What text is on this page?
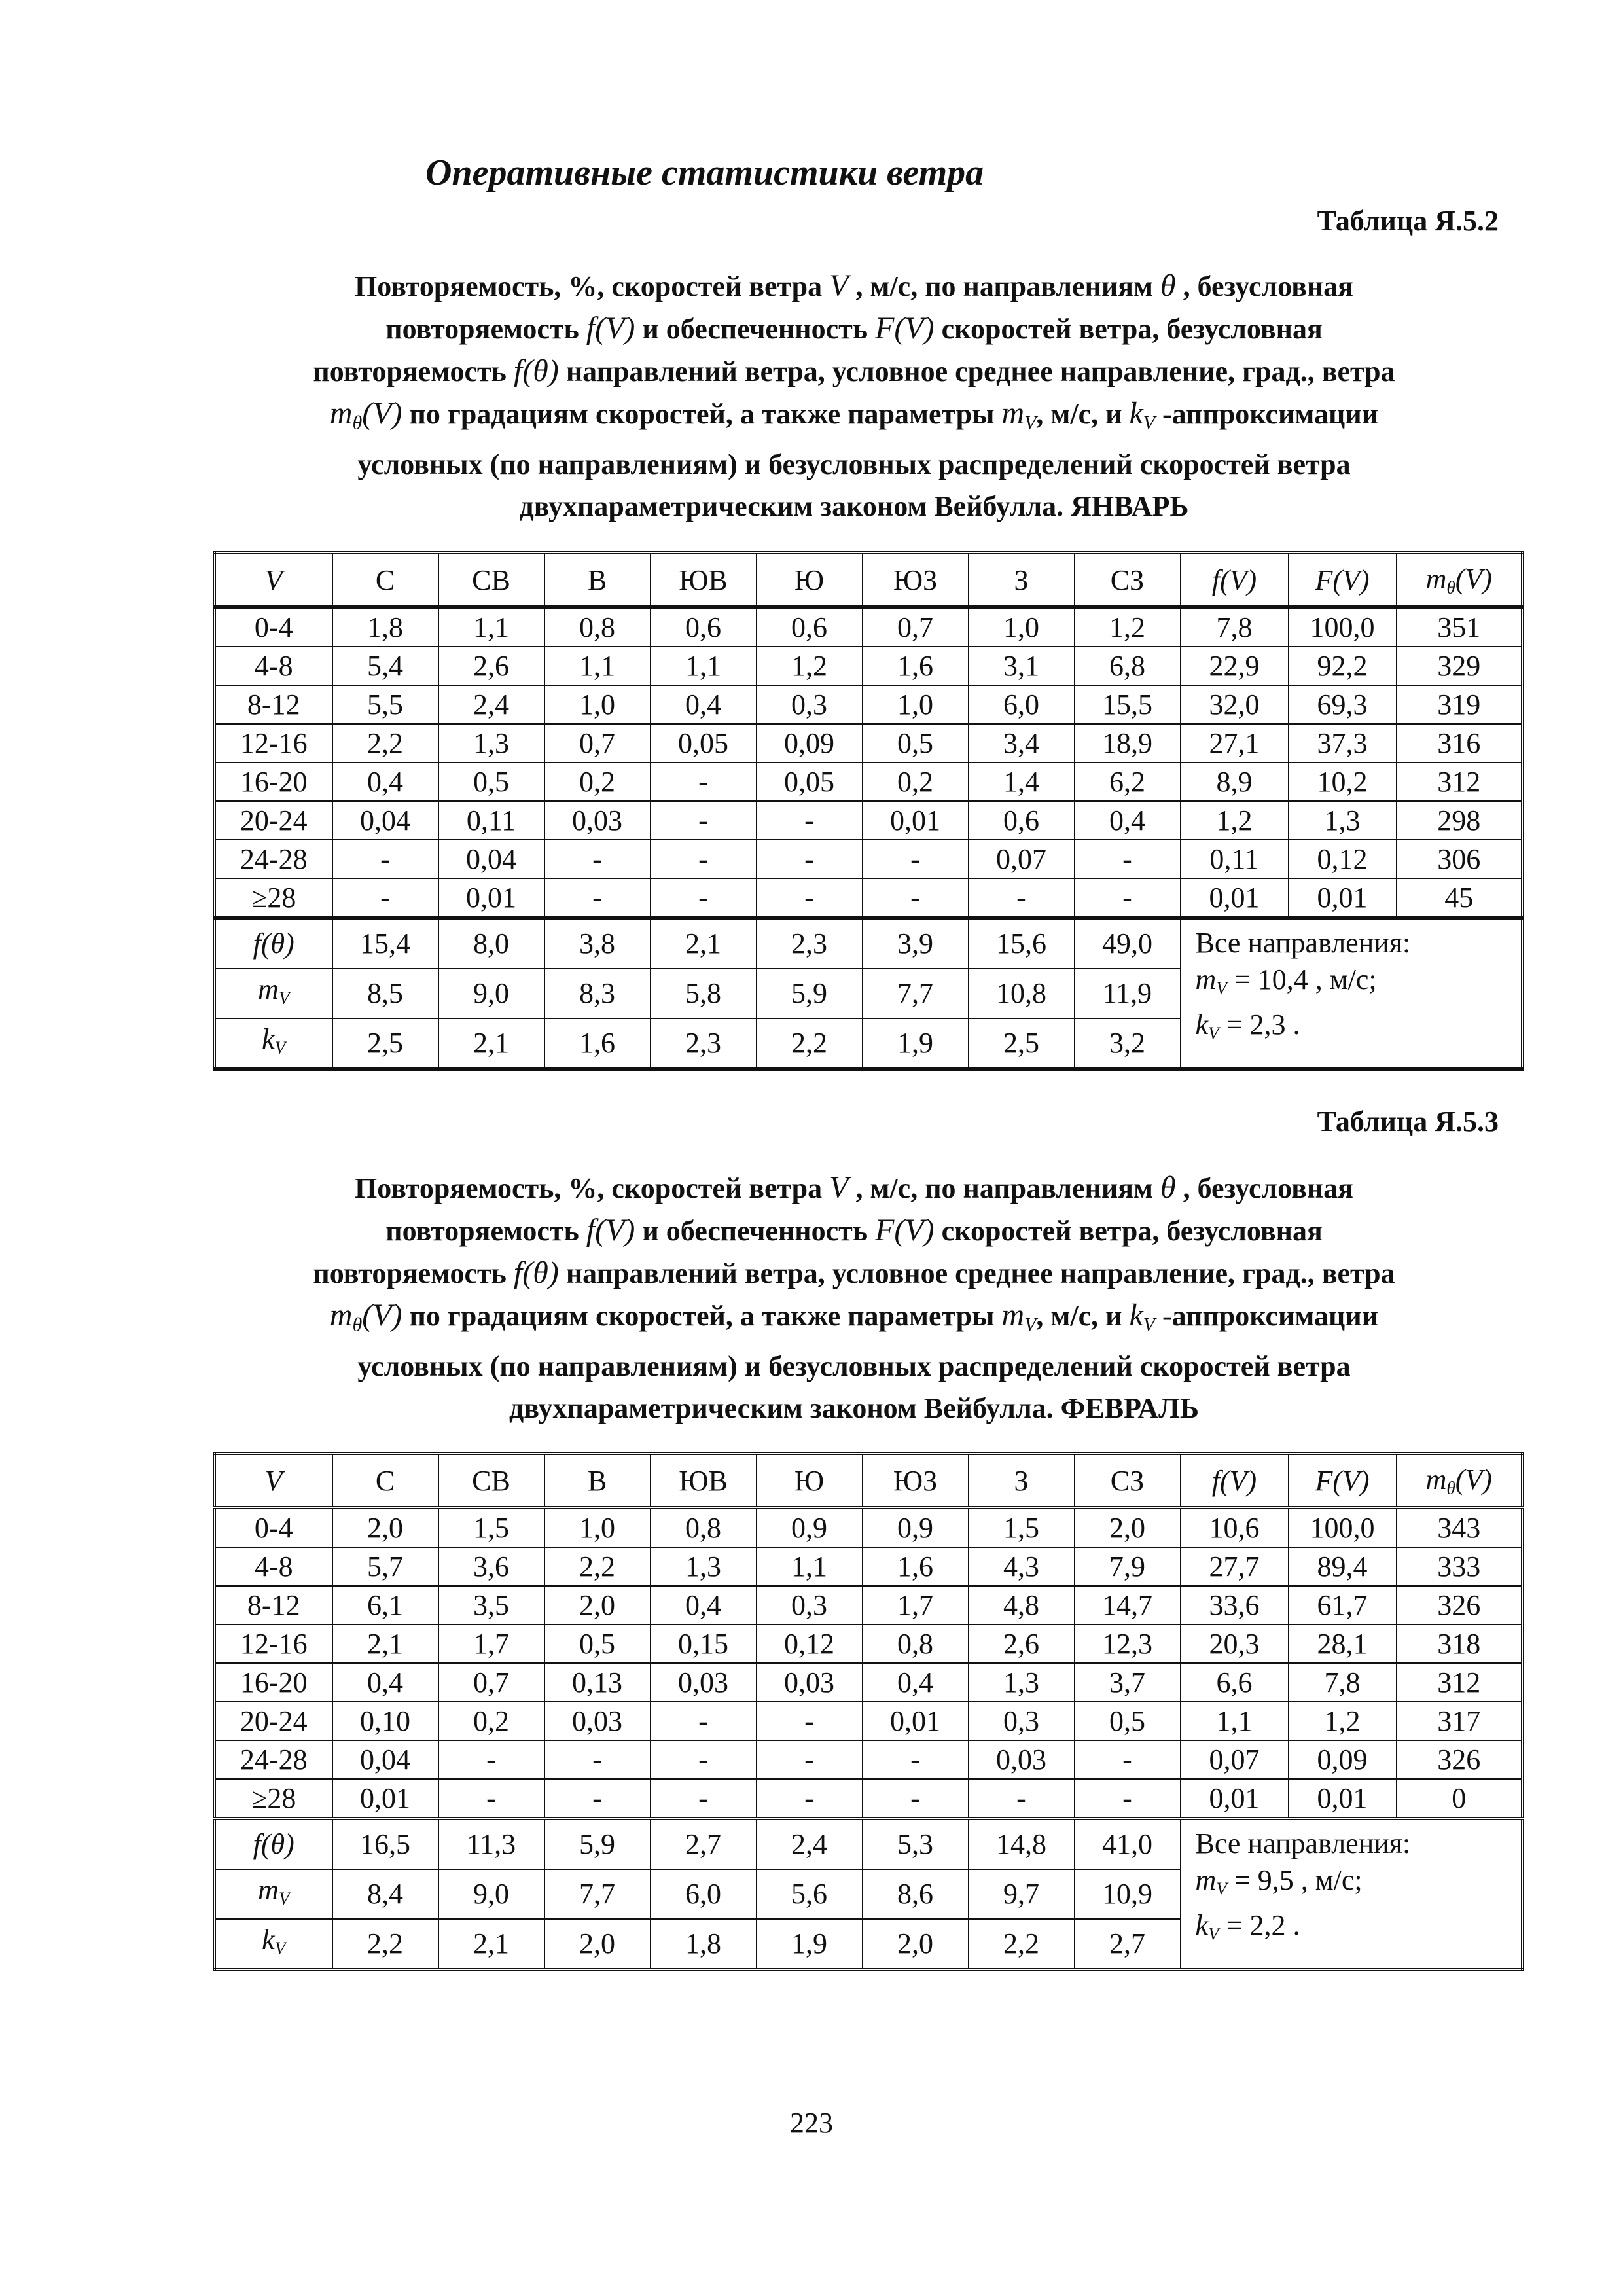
Оперативные статистики ветра
Таблица Я.5.2
Повторяемость, %, скоростей ветра V , м/с, по направлениям θ , безусловная
повторяемость f(V) и обеспеченность F(V) скоростей ветра, безусловная
повторяемость f(θ) направлений ветра, условное среднее направление, град., ветра
$m_\theta(V)$ по градациям скоростей, а также параметры $m_V$, м/с, и $k_V$ -аппроксимации
условных (по направлениям) и безусловных распределений скоростей ветра
двухпараметрическим законом Вейбулла. ЯНВАРЬ
V	С	СВ	В	ЮВ	Ю	ЮЗ	З	СЗ	f(V)	F(V)	$m_\theta(V)$
0-4	1,8	1,1	0,8	0,6	0,6	0,7	1,0	1,2	7,8	100,0	351
4-8	5,4	2,6	1,1	1,1	1,2	1,6	3,1	6,8	22,9	92,2	329
8-12	5,5	2,4	1,0	0,4	0,3	1,0	6,0	15,5	32,0	69,3	319
12-16	2,2	1,3	0,7	0,05	0,09	0,5	3,4	18,9	27,1	37,3	316
16-20	0,4	0,5	0,2	-	0,05	0,2	1,4	6,2	8,9	10,2	312
20-24	0,04	0,11	0,03	-	-	0,01	0,6	0,4	1,2	1,3	298
24-28	-	0,04	-	-	-	-	0,07	-	0,11	0,12	306
≥28	-	0,01	-	-	-	-	-	-	0,01	0,01	45
f(θ)	15,4	8,0	3,8	2,1	2,3	3,9	15,6	49,0	Все направления:
$m_V = 10,4$ , м/с;
$k_V = 2,3$ .		

$m_V$	8,5	9,0	8,3	5,8	5,9	7,7	10,8	11,9			
$k_V$	2,5	2,1	1,6	2,3	2,2	1,9	2,5	3,2			
Таблица Я.5.3
Повторяемость, %, скоростей ветра V , м/с, по направлениям θ , безусловная
повторяемость f(V) и обеспеченность F(V) скоростей ветра, безусловная
повторяемость f(θ) направлений ветра, условное среднее направление, град., ветра
$m_\theta(V)$ по градациям скоростей, а также параметры $m_V$, м/с, и $k_V$ -аппроксимации
условных (по направлениям) и безусловных распределений скоростей ветра
двухпараметрическим законом Вейбулла. ФЕВРАЛЬ
V	С	СВ	В	ЮВ	Ю	ЮЗ	З	СЗ	f(V)	F(V)	$m_\theta(V)$
0-4	2,0	1,5	1,0	0,8	0,9	0,9	1,5	2,0	10,6	100,0	343
4-8	5,7	3,6	2,2	1,3	1,1	1,6	4,3	7,9	27,7	89,4	333
8-12	6,1	3,5	2,0	0,4	0,3	1,7	4,8	14,7	33,6	61,7	326
12-16	2,1	1,7	0,5	0,15	0,12	0,8	2,6	12,3	20,3	28,1	318
16-20	0,4	0,7	0,13	0,03	0,03	0,4	1,3	3,7	6,6	7,8	312
20-24	0,10	0,2	0,03	-	-	0,01	0,3	0,5	1,1	1,2	317
24-28	0,04	-	-	-	-	-	0,03	-	0,07	0,09	326
≥28	0,01	-	-	-	-	-	-	-	0,01	0,01	0
f(θ)	16,5	11,3	5,9	2,7	2,4	5,3	14,8	41,0	Все направления:
$m_V = 9,5$ , м/с;
$k_V = 2,2$ .		

$m_V$	8,4	9,0	7,7	6,0	5,6	8,6	9,7	10,9			
$k_V$	2,2	2,1	2,0	1,8	1,9	2,0	2,2	2,7			
223
